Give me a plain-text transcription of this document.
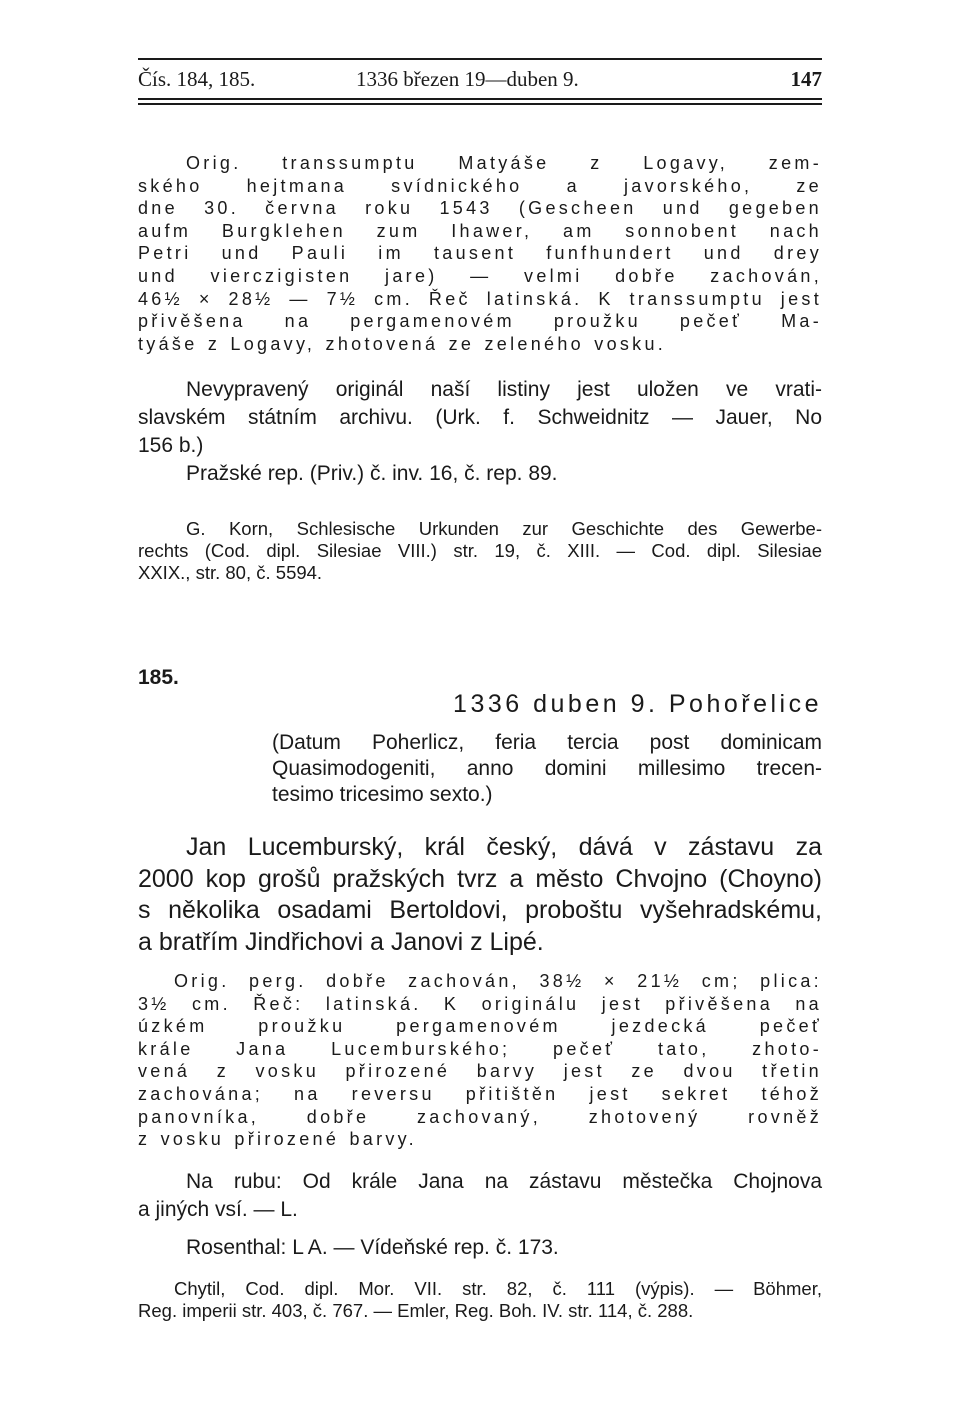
Čís. 184, 185.	1336 březen 19—duben 9.	147
Orig. transsumptu Matyáše z Logavy, zem-
ského hejtmana svídnického a javorského, ze
dne 30. června roku 1543 (Gescheen und gegeben
aufm Burgklehen zum Ihawer, am sonnobent nach
Petri und Pauli im tausent funfhundert und drey
und vierczigisten jare) — velmi dobře zachován,
46½ × 28½ — 7½ cm. Řeč latinská. K transsumptu jest
přivěšena na pergamenovém proužku pečeť Ma-
tyáše z Logavy, zhotovená ze zeleného vosku.
Nevypravený originál naší listiny jest uložen ve vrati-
slavském státním archivu. (Urk. f. Schweidnitz — Jauer, No
156 b.)
Pražské rep. (Priv.) č. inv. 16, č. rep. 89.
G. Korn, Schlesische Urkunden zur Geschichte des Gewerbe-
rechts (Cod. dipl. Silesiae VIII.) str. 19, č. XIII. — Cod. dipl. Silesiae
XXIX., str. 80, č. 5594.
185.
1336 duben 9. Pohořelice
(Datum Poherlicz, feria tercia post dominicam
Quasimodogeniti, anno domini millesimo trecen-
tesimo tricesimo sexto.)
Jan Lucemburský, král český, dává v zástavu za
2000 kop grošů pražských tvrz a město Chvojno (Choyno)
s několika osadami Bertoldovi, proboštu vyšehradskému,
a bratřím Jindřichovi a Janovi z Lipé.
Orig. perg. dobře zachován, 38½ × 21½ cm; plica:
3½ cm. Řeč: latinská. K originálu jest přivěšena na
úzkém proužku pergamenovém jezdecká pečeť
krále Jana Lucemburského; pečeť tato, zhoto-
vená z vosku přirozené barvy jest ze dvou třetin
zachována; na reversu přitištěn jest sekret téhož
panovníka, dobře zachovaný, zhotovený rovněž
z vosku přirozené barvy.
Na rubu: Od krále Jana na zástavu městečka Chojnova
a jiných vsí. — L.
Rosenthal: L A. — Vídeňské rep. č. 173.
Chytil, Cod. dipl. Mor. VII. str. 82, č. 111 (výpis). — Böhmer,
Reg. imperii str. 403, č. 767. — Emler, Reg. Boh. IV. str. 114, č. 288.
